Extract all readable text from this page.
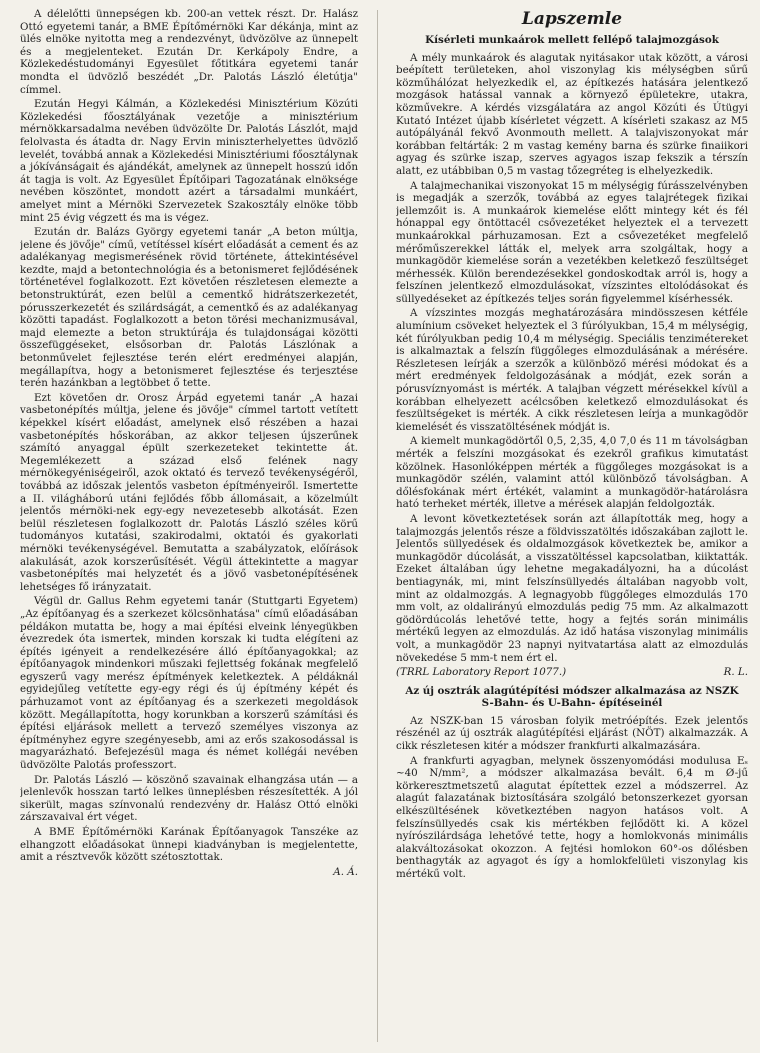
A délelőtti ünnepségen kb. 200-an vettek részt. Dr. Halász Ottó egyetemi tanár, a BME Építőmérnöki Kar dékánja, mint az ülés elnöke nyitotta meg a rendezvényt, üdvözölve az ünnepelt és a megjelenteket. Ezután Dr. Kerkápoly Endre, a Közlekedéstudományi Egyesület főtitkára egyetemi tanár mondta el üdvözlő beszédét „Dr. Palotás László életútja" címmel.

Ezután Hegyi Kálmán, a Közlekedési Minisztérium Közúti Közlekedési főosztályának vezetője a minisztérium mérnökkarsadalma nevében üdvözölte Dr. Palotás Lászlót, majd felolvasta és átadta dr. Nagy Ervin miniszterhelyettes üdvözlő levelét, továbbá annak a Közlekedési Minisztériumi főosztálynak a jókívánságait és ajándékát, amelynek az ünnepelt hosszú időn át tagja is volt. Az Egyesület Építőipari Tagozatának elnöksége nevében köszöntet, mondott azért a társadalmi munkáért, amelyet mint a Mérnöki Szervezetek Szakosztály elnöke több mint 25 évig végzett és ma is végez.

Ezután dr. Balázs György egyetemi tanár „A beton múltja, jelene és jövője" című, vetítéssel kísért előadását a cement és az adalékanyag megismerésének rövid története, áttekintésével kezdte, majd a betontechnológia és a betonismeret fejlődésének történetével foglalkozott. Ezt követően részletesen elemezte a betonstruktúrát, ezen belül a cementkő hidrátszerkezetét, pórusszerkezetét és szilárdságát, a cementkő és az adalékanyag közötti tapadást. Foglalkozott a beton törési mechanizmusával, majd elemezte a beton struktúrája és tulajdonságai közötti összefüggéseket, elsősorban dr. Palotás Lászlónak a betonművelet fejlesztése terén elért eredményei alapján, megállapítva, hogy a betonismeret fejlesztése és terjesztése terén hazánkban a legtöbbet ő tette.

Ezt követően dr. Orosz Árpád egyetemi tanár „A hazai vasbetonépítés múltja, jelene és jövője" címmel tartott vetített képekkel kísért előadást, amelynek első részében a hazai vasbetonépítés hőskorában, az akkor teljesen újszerűnek számító anyaggal épült szerkezeteket tekintette át. Megemlékezett a század első felének nagy mérnökegyéniségeiről, azok oktató és tervező tevékenységéről, továbbá az időszak jelentős vasbeton építményeiről. Ismertette a II. világháború utáni fejlődés főbb állomásait, a közelmúlt jelentős mérnöki-nek egy-egy nevezetesebb alkotását. Ezen belül részletesen foglalkozott dr. Palotás László széles körű tudományos kutatási, szakirodalmi, oktatói és gyakorlati mérnöki tevékenységével. Bemutatta a szabályzatok, előírások alakulását, azok korszerűsítését. Végül áttekintette a magyar vasbetonépítés mai helyzetét és a jövő vasbetonépítésének lehetséges fő irányzatait.

Végül dr. Gallus Rehm egyetemi tanár (Stuttgarti Egyetem) „Az építőanyag és a szerkezet kölcsönhatása" című előadásában példákon mutatta be, hogy a mai építési elveink lényegükben évezredek óta ismertek, minden korszak ki tudta elégíteni az építés igényeit a rendelkezésére álló építőanyagokkal; az építőanyagok mindenkori műszaki fejlettség fokának megfelelő egyszerű vagy merész építmények keletkeztek. A példáknál egyidejűleg vetítette egy-egy régi és új építmény képét és párhuzamot vont az építőanyag és a szerkezeti megoldások között. Megállapította, hogy korunkban a korszerű számítási és építési eljárások mellett a tervező személyes viszonya az építményhez egyre szegényesebb, ami az erős szakosodással is magyarázható. Befejezésül maga és német kollégái nevében üdvözölte Palotás professzort.

Dr. Palotás László — köszönő szavainak elhangzása után — a jelenlevők hosszan tartó lelkes ünneplésben részesítették. A jól sikerült, magas színvonalú rendezvény dr. Halász Ottó elnöki zárszavaival ért véget.

A BME Építőmérnöki Karának Építőanyagok Tanszéke az elhangzott előadásokat ünnepi kiadványban is megjelentette, amit a résztvevők között szétosztottak.

A. Á.

Lapszemle
Kísérleti munkaárok mellett fellépő talajmozgások

A mély munkaárok és alagutak nyitásakor utak között, a városi beépített területeken, ahol viszonylag kis mélységben sűrű közműhálózat helyezkedik el, az építkezés hatására jelentkező mozgások hatással vannak a környező épületekre, utakra, közművekre. A kérdés vizsgálatára az angol Közúti és Útügyi Kutató Intézet újabb kísérletet végzett. A kísérleti szakasz az M5 autópályánál fekvő Avonmouth mellett. A talajviszonyokat már korábban feltárták: 2 m vastag kemény barna és szürke finaiikori agyag és szürke iszap, szerves agyagos iszap fekszik a térszín alatt, ez utábbiban 0,5 m vastag tőzegréteg is elhelyezkedik.

A talajmechanikai viszonyokat 15 m mélységig fúrásszelvényben is megadják a szerzők, továbbá az egyes talajrétegek fizikai jellemzőit is. A munkaárok kiemelése előtt mintegy két és fél hónappal egy öntöttacél csővezetéket helyeztek el a tervezett munkaárokkal párhuzamosan. Ezt a csővezetéket megfelelő mérőműszerekkel látták el, melyek arra szolgáltak, hogy a munkagödör kiemelése során a vezetékben keletkező feszültséget mérhessék. Külön berendezésekkel gondoskodtak arról is, hogy a felszínen jelentkező elmozdulásokat, vízszintes eltolódásokat és süllyedéseket az építkezés teljes során figyelemmel kísérhessék.

A vízszintes mozgás meghatározására mindösszesen kétféle alumínium csöveket helyeztek el 3 fúrólyukban, 15,4 m mélységig, két fúrólyukban pedig 10,4 m mélységig. Speciális tenzimétereket is alkalmaztak a felszín függőleges elmozdulásának a mérésére. Részletesen leírják a szerzők a különböző mérési módokat és a mért eredmények feldolgozásának a módját, ezek során a pórusvíznyomást is mérték. A talajban végzett mérésekkel kívül a korábban elhelyezett acélcsőben keletkező elmozdulásokat és feszültségeket is mérték. A cikk részletesen leírja a munkagödör kiemelését és visszatöltésének módját is.

A kiemelt munkagödörtől 0,5, 2,35, 4,0 7,0 és 11 m távolságban mérték a felszíni mozgásokat és ezekről grafikus kimutatást közölnek. Hasonlóképpen mérték a függőleges mozgásokat is a munkagödör szélén, valamint attól különböző távolságban. A dőlésfokának mért értékét, valamint a munkagödör-határolásra ható terheket mérték, illetve a mérések alapján feldolgozták.

A levont következtetések során azt állapították meg, hogy a talajmozgás jelentős része a földvisszatöltés időszakában zajlott le. Jelentős süllyedések és oldalmozgások következtek be, amikor a munkagödör dúcolását, a visszatöltéssel kapcsolatban, kiiktatták. Ezeket általában úgy lehetne megakadályozni, ha a dúcolást bentiagynák, mi, mint felszínsüllyedés általában nagyobb volt, mint az oldalmozgás. A legnagyobb függőleges elmozdulás 170 mm volt, az oldalirányú elmozdulás pedig 75 mm. Az alkalmazott gödördúcolás lehetővé tette, hogy a fejtés során minimális mértékű legyen az elmozdulás. Az idő hatása viszonylag minimális volt, a munkagödör 23 napnyi nyitvatartása alatt az elmozdulás növekedése 5 mm-t nem ért el.

(TRRL Laboratory Report 1077.)	R. L.

Az új osztrák alagútépítési módszer alkalmazása az NSZK S-Bahn- és U-Bahn- építéseinél

Az NSZK-ban 15 városban folyik metróépítés. Ezek jelentős részénél az új osztrák alagútépítési eljárást (NÖT) alkalmazzák. A cikk részletesen kitér a módszer frankfurti alkalmazására.

A frankfurti agyagban, melynek összenyomódási modulusa Eₛ ~40 N/mm², a módszer alkalmazása bevált. 6,4 m Ø-jű körkeresztmetszetű alagutat építettek ezzel a módszerrel. Az alagút falazatának biztosítására szolgáló betonszerkezet gyorsan elkészültésének következtében nagyon hatásos volt. A felszínsüllyedés csak kis mértékben fejlődött ki. A közel nyírószilárdsága lehetővé tette, hogy a homlokvonás minimális alakváltozásokat okozzon. A fejtési homlokon 60°-os dőlésben benthagyták az agyagot és így a homlokfelületi viszonylag kis mértékű volt.
